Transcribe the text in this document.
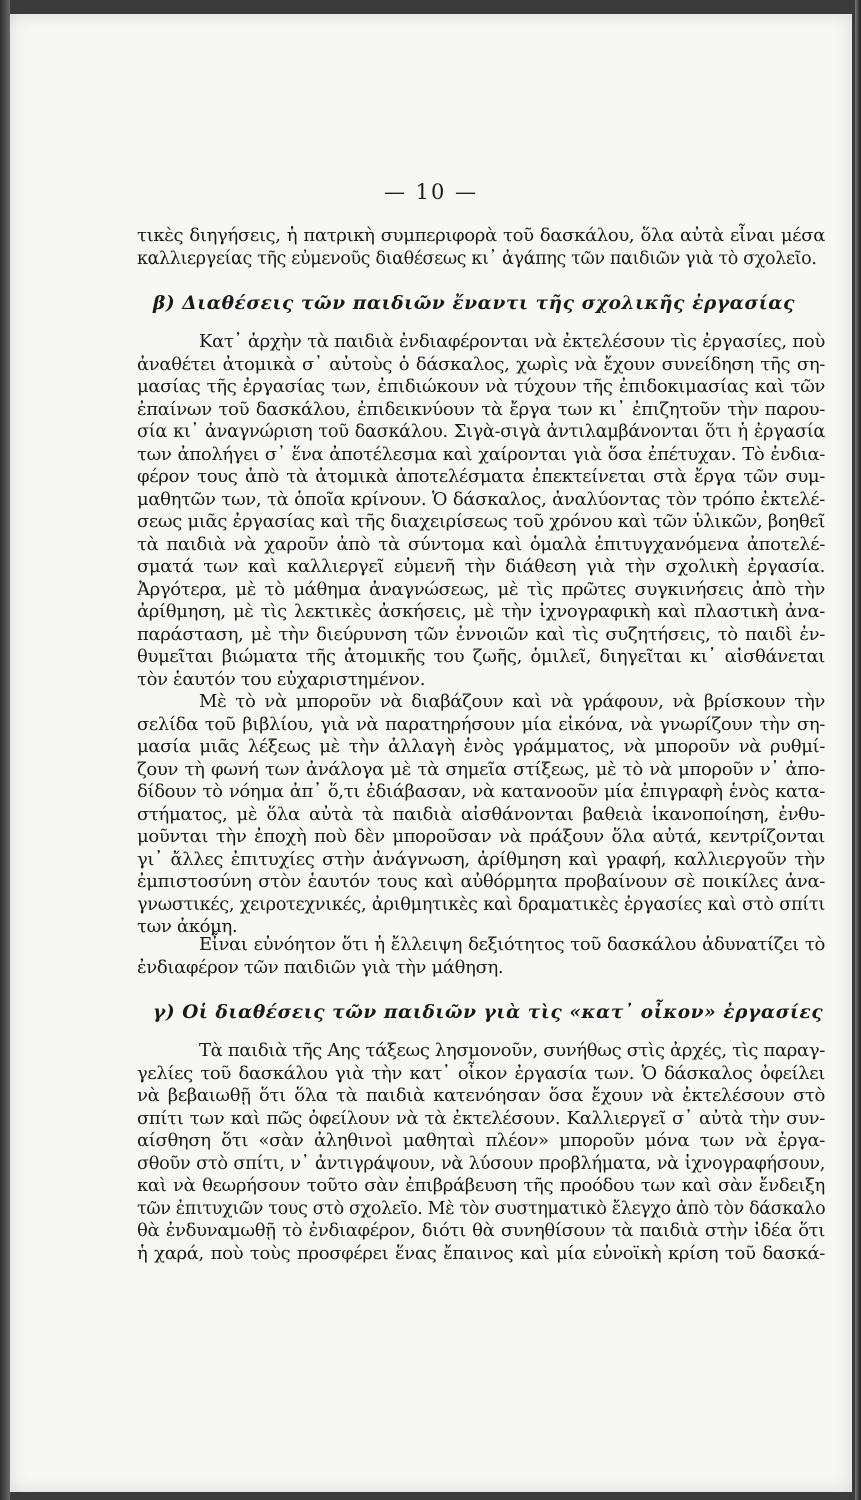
— 10 —
τικὲς διηγήσεις, ἡ πατρικὴ συμπεριφορὰ τοῦ δασκάλου, ὅλα αὐτὰ εἶναι μέσα
καλλιεργείας τῆς εὐμενοῦς διαθέσεως κι᾽ ἀγάπης τῶν παιδιῶν γιὰ τὸ σχολεῖο.
β) Διαθέσεις τῶν παιδιῶν ἔναντι τῆς σχολικῆς ἐργασίας
Κατ᾽ ἀρχὴν τὰ παιδιὰ ἐνδιαφέρονται νὰ ἐκτελέσουν τὶς ἐργασίες, ποὺ
ἀναθέτει ἀτομικὰ σ᾽ αὐτοὺς ὁ δάσκαλος, χωρὶς νὰ ἔχουν συνείδηση τῆς ση-
μασίας τῆς ἐργασίας των, ἐπιδιώκουν νὰ τύχουν τῆς ἐπιδοκιμασίας καὶ τῶν
ἐπαίνων τοῦ δασκάλου, ἐπιδεικνύουν τὰ ἔργα των κι᾽ ἐπιζητοῦν τὴν παρου-
σία κι᾽ ἀναγνώριση τοῦ δασκάλου. Σιγὰ-σιγὰ ἀντιλαμβάνονται ὅτι ἡ ἐργασία
των ἀπολήγει σ᾽ ἕνα ἀποτέλεσμα καὶ χαίρονται γιὰ ὅσα ἐπέτυχαν. Τὸ ἐνδια-
φέρον τους ἀπὸ τὰ ἀτομικὰ ἀποτελέσματα ἐπεκτείνεται στὰ ἔργα τῶν συμ-
μαθητῶν των, τὰ ὁποῖα κρίνουν. Ὁ δάσκαλος, ἀναλύοντας τὸν τρόπο ἐκτελέ-
σεως μιᾶς ἐργασίας καὶ τῆς διαχειρίσεως τοῦ χρόνου καὶ τῶν ὑλικῶν, βοηθεῖ
τὰ παιδιὰ νὰ χαροῦν ἀπὸ τὰ σύντομα καὶ ὁμαλὰ ἐπιτυγχανόμενα ἀποτελέ-
σματά των καὶ καλλιεργεῖ εὐμενῆ τὴν διάθεση γιὰ τὴν σχολικὴ ἐργασία.
Ἀργότερα, μὲ τὸ μάθημα ἀναγνώσεως, μὲ τὶς πρῶτες συγκινήσεις ἀπὸ τὴν
ἀρίθμηση, μὲ τὶς λεκτικὲς ἀσκήσεις, μὲ τὴν ἰχνογραφικὴ καὶ πλαστικὴ ἀνα-
παράσταση, μὲ τὴν διεύρυνση τῶν ἐννοιῶν καὶ τὶς συζητήσεις, τὸ παιδὶ ἐν-
θυμεῖται βιώματα τῆς ἀτομικῆς του ζωῆς, ὁμιλεῖ, διηγεῖται κι᾽ αἰσθάνεται
τὸν ἑαυτόν του εὐχαριστημένον.
Μὲ τὸ νὰ μποροῦν νὰ διαβάζουν καὶ νὰ γράφουν, νὰ βρίσκουν τὴν
σελίδα τοῦ βιβλίου, γιὰ νὰ παρατηρήσουν μία εἰκόνα, νὰ γνωρίζουν τὴν ση-
μασία μιᾶς λέξεως μὲ τὴν ἀλλαγὴ ἑνὸς γράμματος, νὰ μποροῦν νὰ ρυθμί-
ζουν τὴ φωνή των ἀνάλογα μὲ τὰ σημεῖα στίξεως, μὲ τὸ νὰ μποροῦν ν᾽ ἀπο-
δίδουν τὸ νόημα ἀπ᾽ ὅ,τι ἐδιάβασαν, νὰ κατανοοῦν μία ἐπιγραφὴ ἑνὸς κατα-
στήματος, μὲ ὅλα αὐτὰ τὰ παιδιὰ αἰσθάνονται βαθειὰ ἱκανοποίηση, ἐνθυ-
μοῦνται τὴν ἐποχὴ ποὺ δὲν μποροῦσαν νὰ πράξουν ὅλα αὐτά, κεντρίζονται
γι᾽ ἄλλες ἐπιτυχίες στὴν ἀνάγνωση, ἀρίθμηση καὶ γραφή, καλλιεργοῦν τὴν
ἐμπιστοσύνη στὸν ἑαυτόν τους καὶ αὐθόρμητα προβαίνουν σὲ ποικίλες ἀνα-
γνωστικές, χειροτεχνικές, ἀριθμητικὲς καὶ δραματικὲς ἐργασίες καὶ στὸ σπίτι
των ἀκόμη.
Εἶναι εὐνόητον ὅτι ἡ ἔλλειψη δεξιότητος τοῦ δασκάλου ἀδυνατίζει τὸ
ἐνδιαφέρον τῶν παιδιῶν γιὰ τὴν μάθηση.
γ) Οἱ διαθέσεις τῶν παιδιῶν γιὰ τὶς «κατ᾽ οἶκον» ἐργασίες
Τὰ παιδιὰ τῆς Αης τάξεως λησμονοῦν, συνήθως στὶς ἀρχές, τὶς παραγ-
γελίες τοῦ δασκάλου γιὰ τὴν κατ᾽ οἶκον ἐργασία των. Ὁ δάσκαλος ὀφείλει
νὰ βεβαιωθῇ ὅτι ὅλα τὰ παιδιὰ κατενόησαν ὅσα ἔχουν νὰ ἐκτελέσουν στὸ
σπίτι των καὶ πῶς ὀφείλουν νὰ τὰ ἐκτελέσουν. Καλλιεργεῖ σ᾽ αὐτὰ τὴν συν-
αίσθηση ὅτι «σὰν ἀληθινοὶ μαθηταὶ πλέον» μποροῦν μόνα των νὰ ἐργα-
σθοῦν στὸ σπίτι, ν᾽ ἀντιγράψουν, νὰ λύσουν προβλήματα, νὰ ἰχνογραφήσουν,
καὶ νὰ θεωρήσουν τοῦτο σὰν ἐπιβράβευση τῆς προόδου των καὶ σὰν ἔνδειξη
τῶν ἐπιτυχιῶν τους στὸ σχολεῖο. Μὲ τὸν συστηματικὸ ἔλεγχο ἀπὸ τὸν δάσκαλο
θὰ ἐνδυναμωθῇ τὸ ἐνδιαφέρον, διότι θὰ συνηθίσουν τὰ παιδιὰ στὴν ἰδέα ὅτι
ἡ χαρά, ποὺ τοὺς προσφέρει ἕνας ἔπαινος καὶ μία εὐνοϊκὴ κρίση τοῦ δασκά-
